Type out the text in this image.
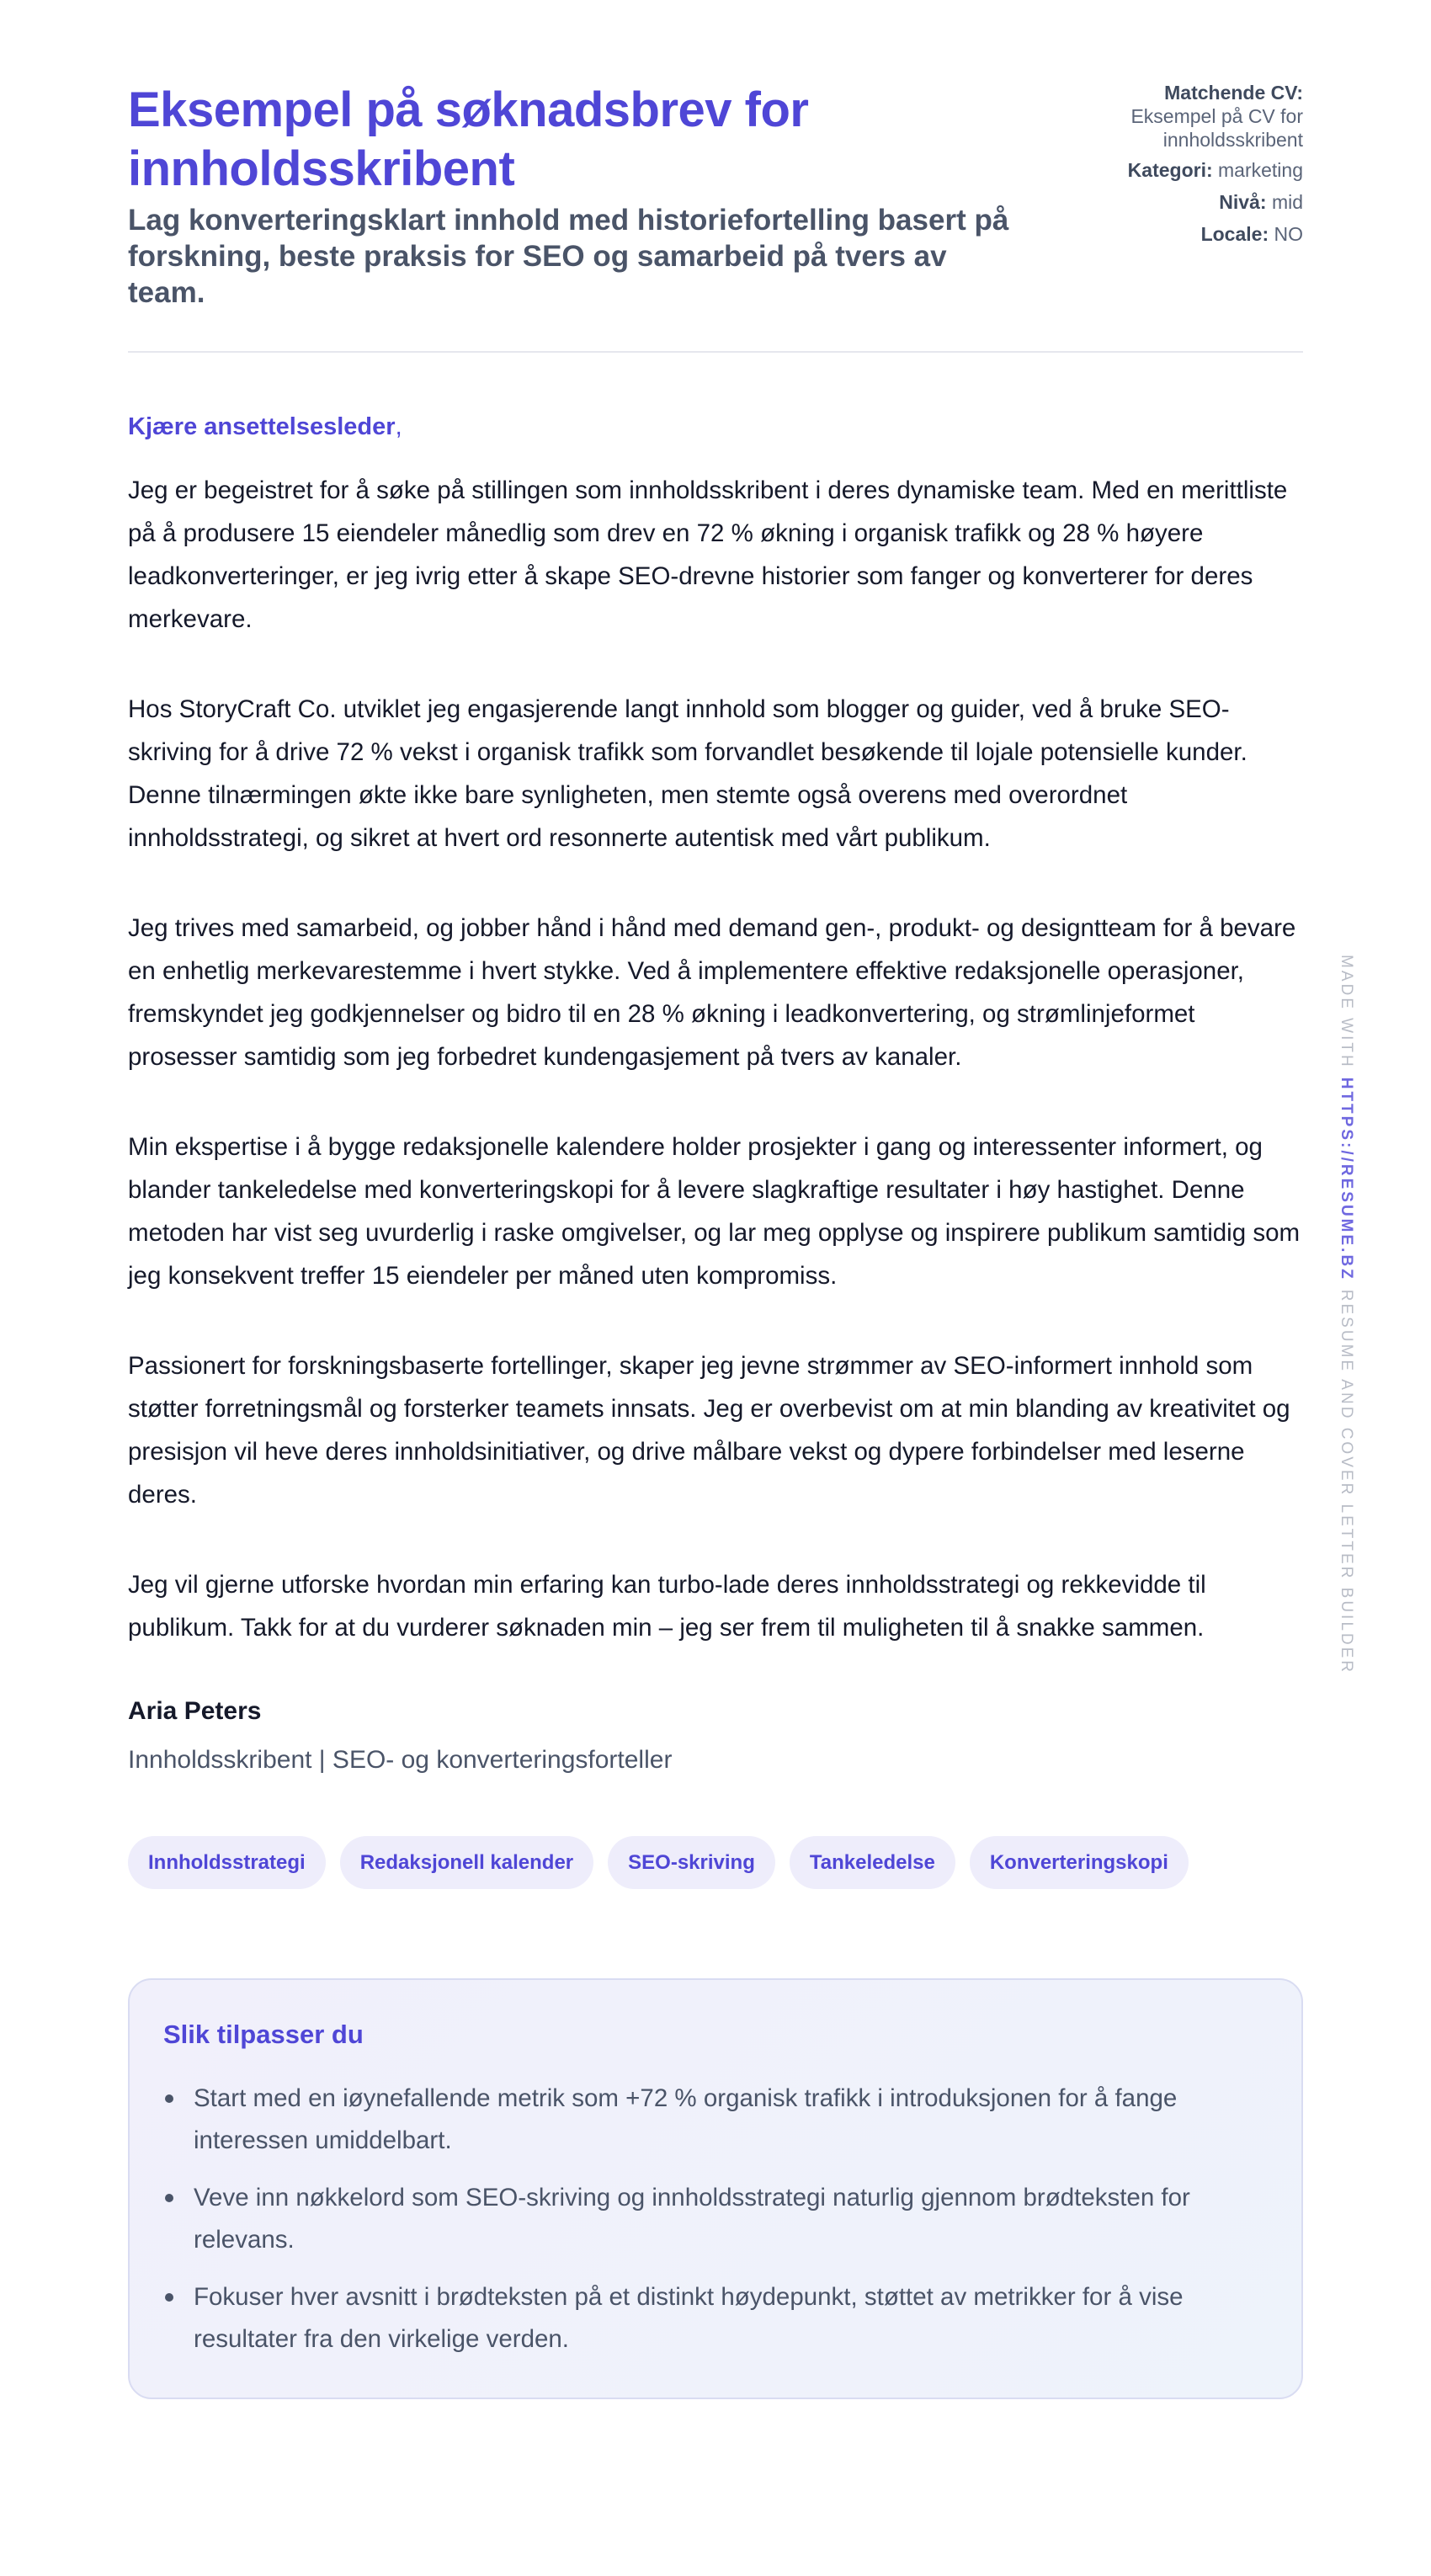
Eksempel på søknadsbrev for innholdsskribent
Lag konverteringsklart innhold med historiefortelling basert på forskning, beste praksis for SEO og samarbeid på tvers av team.
Matchende CV:
Eksempel på CV for innholdsskribent
Kategori: marketing
Nivå: mid
Locale: NO
Kjære ansettelsesleder,

Jeg er begeistret for å søke på stillingen som innholdsskribent i deres dynamiske team. Med en merittliste på å produsere 15 eiendeler månedlig som drev en 72 % økning i organisk trafikk og 28 % høyere leadkonverteringer, er jeg ivrig etter å skape SEO-drevne historier som fanger og konverterer for deres merkevare.

Hos StoryCraft Co. utviklet jeg engasjerende langt innhold som blogger og guider, ved å bruke SEO-skriving for å drive 72 % vekst i organisk trafikk som forvandlet besøkende til lojale potensielle kunder. Denne tilnærmingen økte ikke bare synligheten, men stemte også overens med overordnet innholdsstrategi, og sikret at hvert ord resonnerte autentisk med vårt publikum.

Jeg trives med samarbeid, og jobber hånd i hånd med demand gen-, produkt- og designtteam for å bevare en enhetlig merkevarestemme i hvert stykke. Ved å implementere effektive redaksjonelle operasjoner, fremskyndet jeg godkjennelser og bidro til en 28 % økning i leadkonvertering, og strømlinjeformet prosesser samtidig som jeg forbedret kundengasjement på tvers av kanaler.

Min ekspertise i å bygge redaksjonelle kalendere holder prosjekter i gang og interessenter informert, og blander tankeledelse med konverteringskopi for å levere slagkraftige resultater i høy hastighet. Denne metoden har vist seg uvurderlig i raske omgivelser, og lar meg opplyse og inspirere publikum samtidig som jeg konsekvent treffer 15 eiendeler per måned uten kompromiss.

Passionert for forskningsbaserte fortellinger, skaper jeg jevne strømmer av SEO-informert innhold som støtter forretningsmål og forsterker teamets innsats. Jeg er overbevist om at min blanding av kreativitet og presisjon vil heve deres innholdsinitiativer, og drive målbare vekst og dypere forbindelser med leserne deres.

Jeg vil gjerne utforske hvordan min erfaring kan turbo-lade deres innholdsstrategi og rekkevidde til publikum. Takk for at du vurderer søknaden min – jeg ser frem til muligheten til å snakke sammen.

Aria Peters
Innholdsskribent | SEO- og konverteringsforteller
Innholdsstrategi	Redaksjonell kalender	SEO-skriving	Tankeledelse	Konverteringskopi
Slik tilpasser du
Start med en iøynefallende metrik som +72 % organisk trafikk i introduksjonen for å fange interessen umiddelbart.
Veve inn nøkkelord som SEO-skriving og innholdsstrategi naturlig gjennom brødteksten for relevans.
Fokuser hver avsnitt i brødteksten på et distinkt høydepunkt, støttet av metrikker for å vise resultater fra den virkelige verden.
MADE WITHHTTPS://RESUME.BZRESUME AND COVER LETTER BUILDER
